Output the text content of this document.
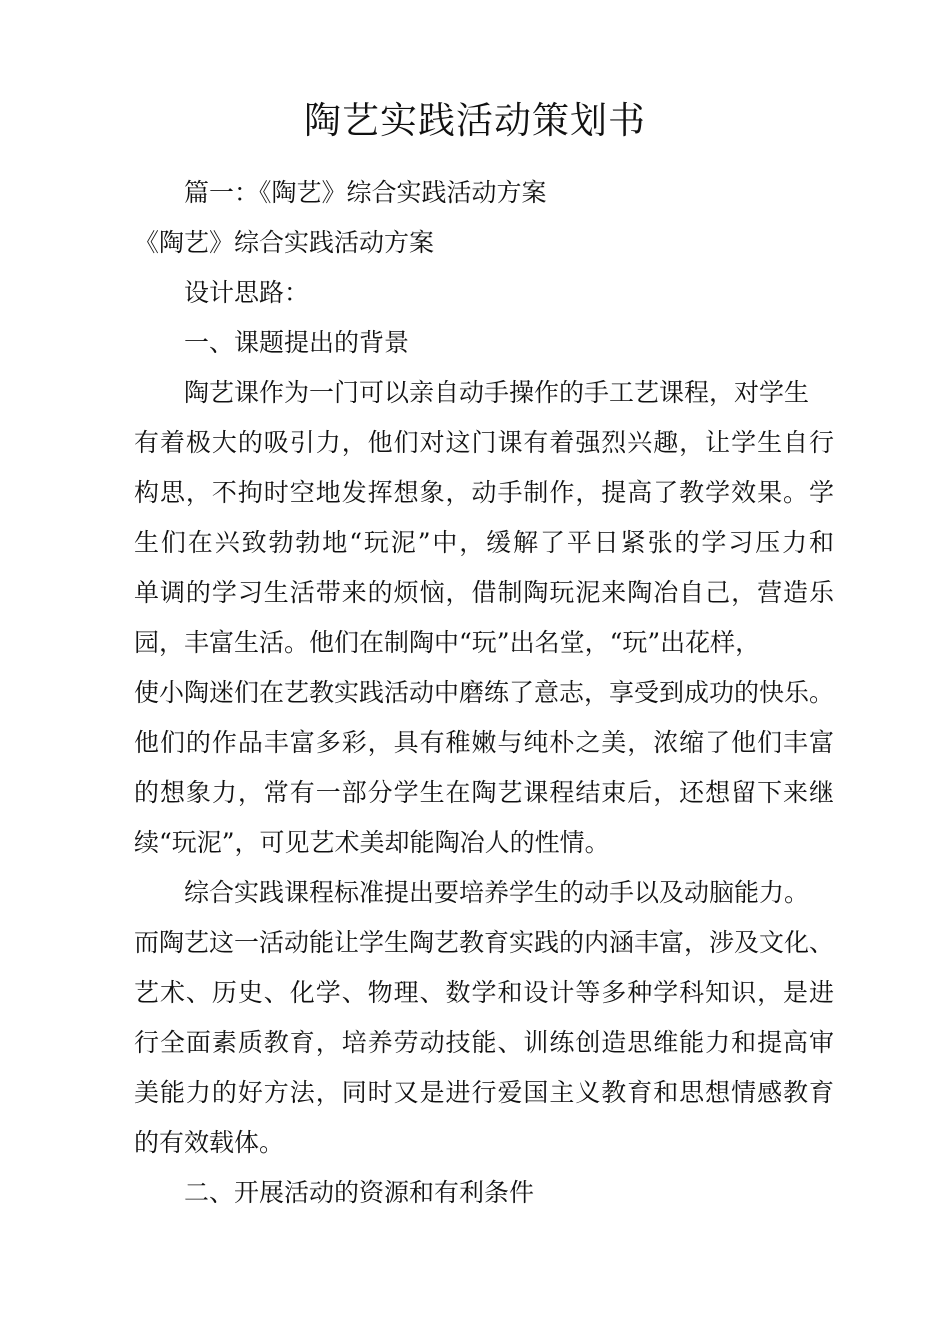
陶艺实践活动策划书
篇一：《陶艺》综合实践活动方案
《陶艺》综合实践活动方案
设计思路：
一、课题提出的背景
陶艺课作为一门可以亲自动手操作的手工艺课程，对学生
有着极大的吸引力，他们对这门课有着强烈兴趣，让学生自行
构思，不拘时空地发挥想象，动手制作，提高了教学效果。学
生们在兴致勃勃地“玩泥”中，缓解了平日紧张的学习压力和
单调的学习生活带来的烦恼，借制陶玩泥来陶冶自己，营造乐
园，丰富生活。他们在制陶中“玩”出名堂，“玩”出花样，
使小陶迷们在艺教实践活动中磨练了意志，享受到成功的快乐。
他们的作品丰富多彩，具有稚嫩与纯朴之美，浓缩了他们丰富
的想象力，常有一部分学生在陶艺课程结束后，还想留下来继
续“玩泥”，可见艺术美却能陶冶人的性情。
综合实践课程标准提出要培养学生的动手以及动脑能力。
而陶艺这一活动能让学生陶艺教育实践的内涵丰富，涉及文化、
艺术、历史、化学、物理、数学和设计等多种学科知识，是进
行全面素质教育，培养劳动技能、训练创造思维能力和提高审
美能力的好方法，同时又是进行爱国主义教育和思想情感教育
的有效载体。
二、开展活动的资源和有利条件
